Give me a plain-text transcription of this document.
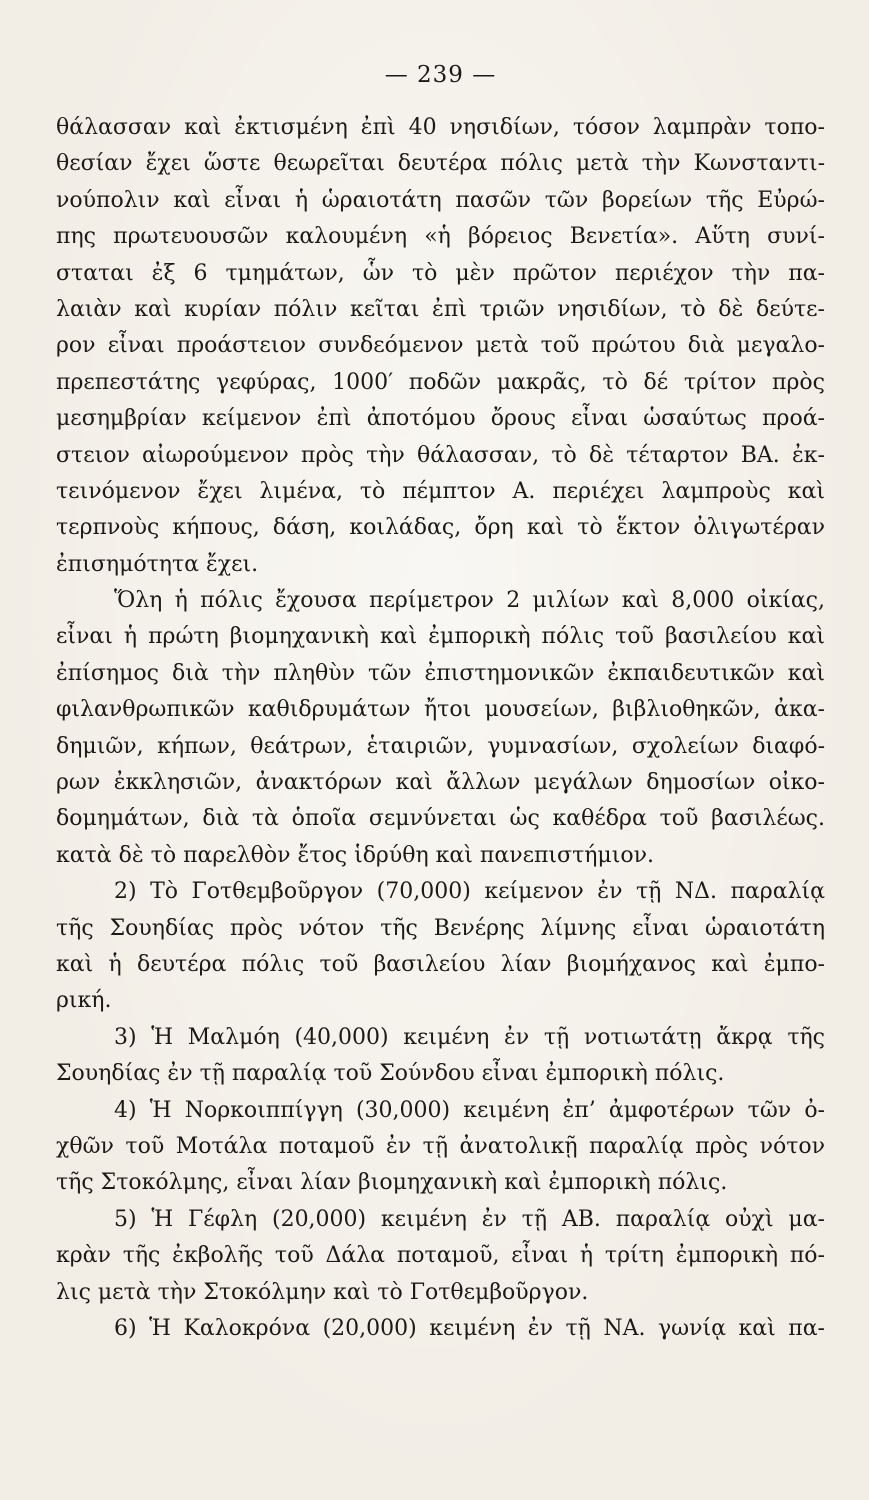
— 239 —
θάλασσαν καὶ ἐκτισμένη ἐπὶ 40 νησιδίων, τόσον λαμπρὰν τοπο-
θεσίαν ἔχει ὥστε θεωρεῖται δευτέρα πόλις μετὰ τὴν Κωνσταντι-
νούπολιν καὶ εἶναι ἡ ὡραιοτάτη πασῶν τῶν βορείων τῆς Εὐρώ-
πης πρωτευουσῶν καλουμένη «ἡ βόρειος Βενετία». Αὕτη συνί-
σταται ἐξ 6 τμημάτων, ὧν τὸ μὲν πρῶτον περιέχον τὴν πα-
λαιὰν καὶ κυρίαν πόλιν κεῖται ἐπὶ τριῶν νησιδίων, τὸ δὲ δεύτε-
ρον εἶναι προάστειον συνδεόμενον μετὰ τοῦ πρώτου διὰ μεγαλο-
πρεπεστάτης γεφύρας, 1000′ ποδῶν μακρᾶς, τὸ δέ τρίτον πρὸς
μεσημβρίαν κείμενον ἐπὶ ἀποτόμου ὄρους εἶναι ὡσαύτως προά-
στειον αἰωρούμενον πρὸς τὴν θάλασσαν, τὸ δὲ τέταρτον ΒΑ. ἐκ-
τεινόμενον ἔχει λιμένα, τὸ πέμπτον Α. περιέχει λαμπροὺς καὶ
τερπνοὺς κήπους, δάση, κοιλάδας, ὄρη καὶ τὸ ἕκτον ὀλιγωτέραν
ἐπισημότητα ἔχει.
Ὅλη ἡ πόλις ἔχουσα περίμετρον 2 μιλίων καὶ 8,000 οἰκίας,
εἶναι ἡ πρώτη βιομηχανικὴ καὶ ἐμπορικὴ πόλις τοῦ βασιλείου καὶ
ἐπίσημος διὰ τὴν πληθὺν τῶν ἐπιστημονικῶν ἐκπαιδευτικῶν καὶ
φιλανθρωπικῶν καθιδρυμάτων ἤτοι μουσείων, βιβλιοθηκῶν, ἀκα-
δημιῶν, κήπων, θεάτρων, ἑταιριῶν, γυμνασίων, σχολείων διαφό-
ρων ἐκκλησιῶν, ἀνακτόρων καὶ ἄλλων μεγάλων δημοσίων οἰκο-
δομημάτων, διὰ τὰ ὁποῖα σεμνύνεται ὡς καθέδρα τοῦ βασιλέως.
κατὰ δὲ τὸ παρελθὸν ἔτος ἱδρύθη καὶ πανεπιστήμιον.
2) Τὸ Γοτθεμβοῦργον (70,000) κείμενον ἐν τῇ ΝΔ. παραλίᾳ
τῆς Σουηδίας πρὸς νότον τῆς Βενέρης λίμνης εἶναι ὡραιοτάτη
καὶ ἡ δευτέρα πόλις τοῦ βασιλείου λίαν βιομήχανος καὶ ἐμπο-
ρική.
3) Ἡ Μαλμόη (40,000) κειμένη ἐν τῇ νοτιωτάτῃ ἄκρᾳ τῆς
Σουηδίας ἐν τῇ παραλίᾳ τοῦ Σούνδου εἶναι ἐμπορικὴ πόλις.
4) Ἡ Νορκοιππίγγη (30,000) κειμένη ἐπ’ ἀμφοτέρων τῶν ὀ-
χθῶν τοῦ Μοτάλα ποταμοῦ ἐν τῇ ἀνατολικῇ παραλίᾳ πρὸς νότον
τῆς Στοκόλμης, εἶναι λίαν βιομηχανικὴ καὶ ἐμπορικὴ πόλις.
5) Ἡ Γέφλη (20,000) κειμένη ἐν τῇ ΑΒ. παραλίᾳ οὐχὶ μα-
κρὰν τῆς ἐκβολῆς τοῦ Δάλα ποταμοῦ, εἶναι ἡ τρίτη ἐμπορικὴ πό-
λις μετὰ τὴν Στοκόλμην καὶ τὸ Γοτθεμβοῦργον.
6) Ἡ Καλοκρόνα (20,000) κειμένη ἐν τῇ ΝΑ. γωνίᾳ καὶ πα-
